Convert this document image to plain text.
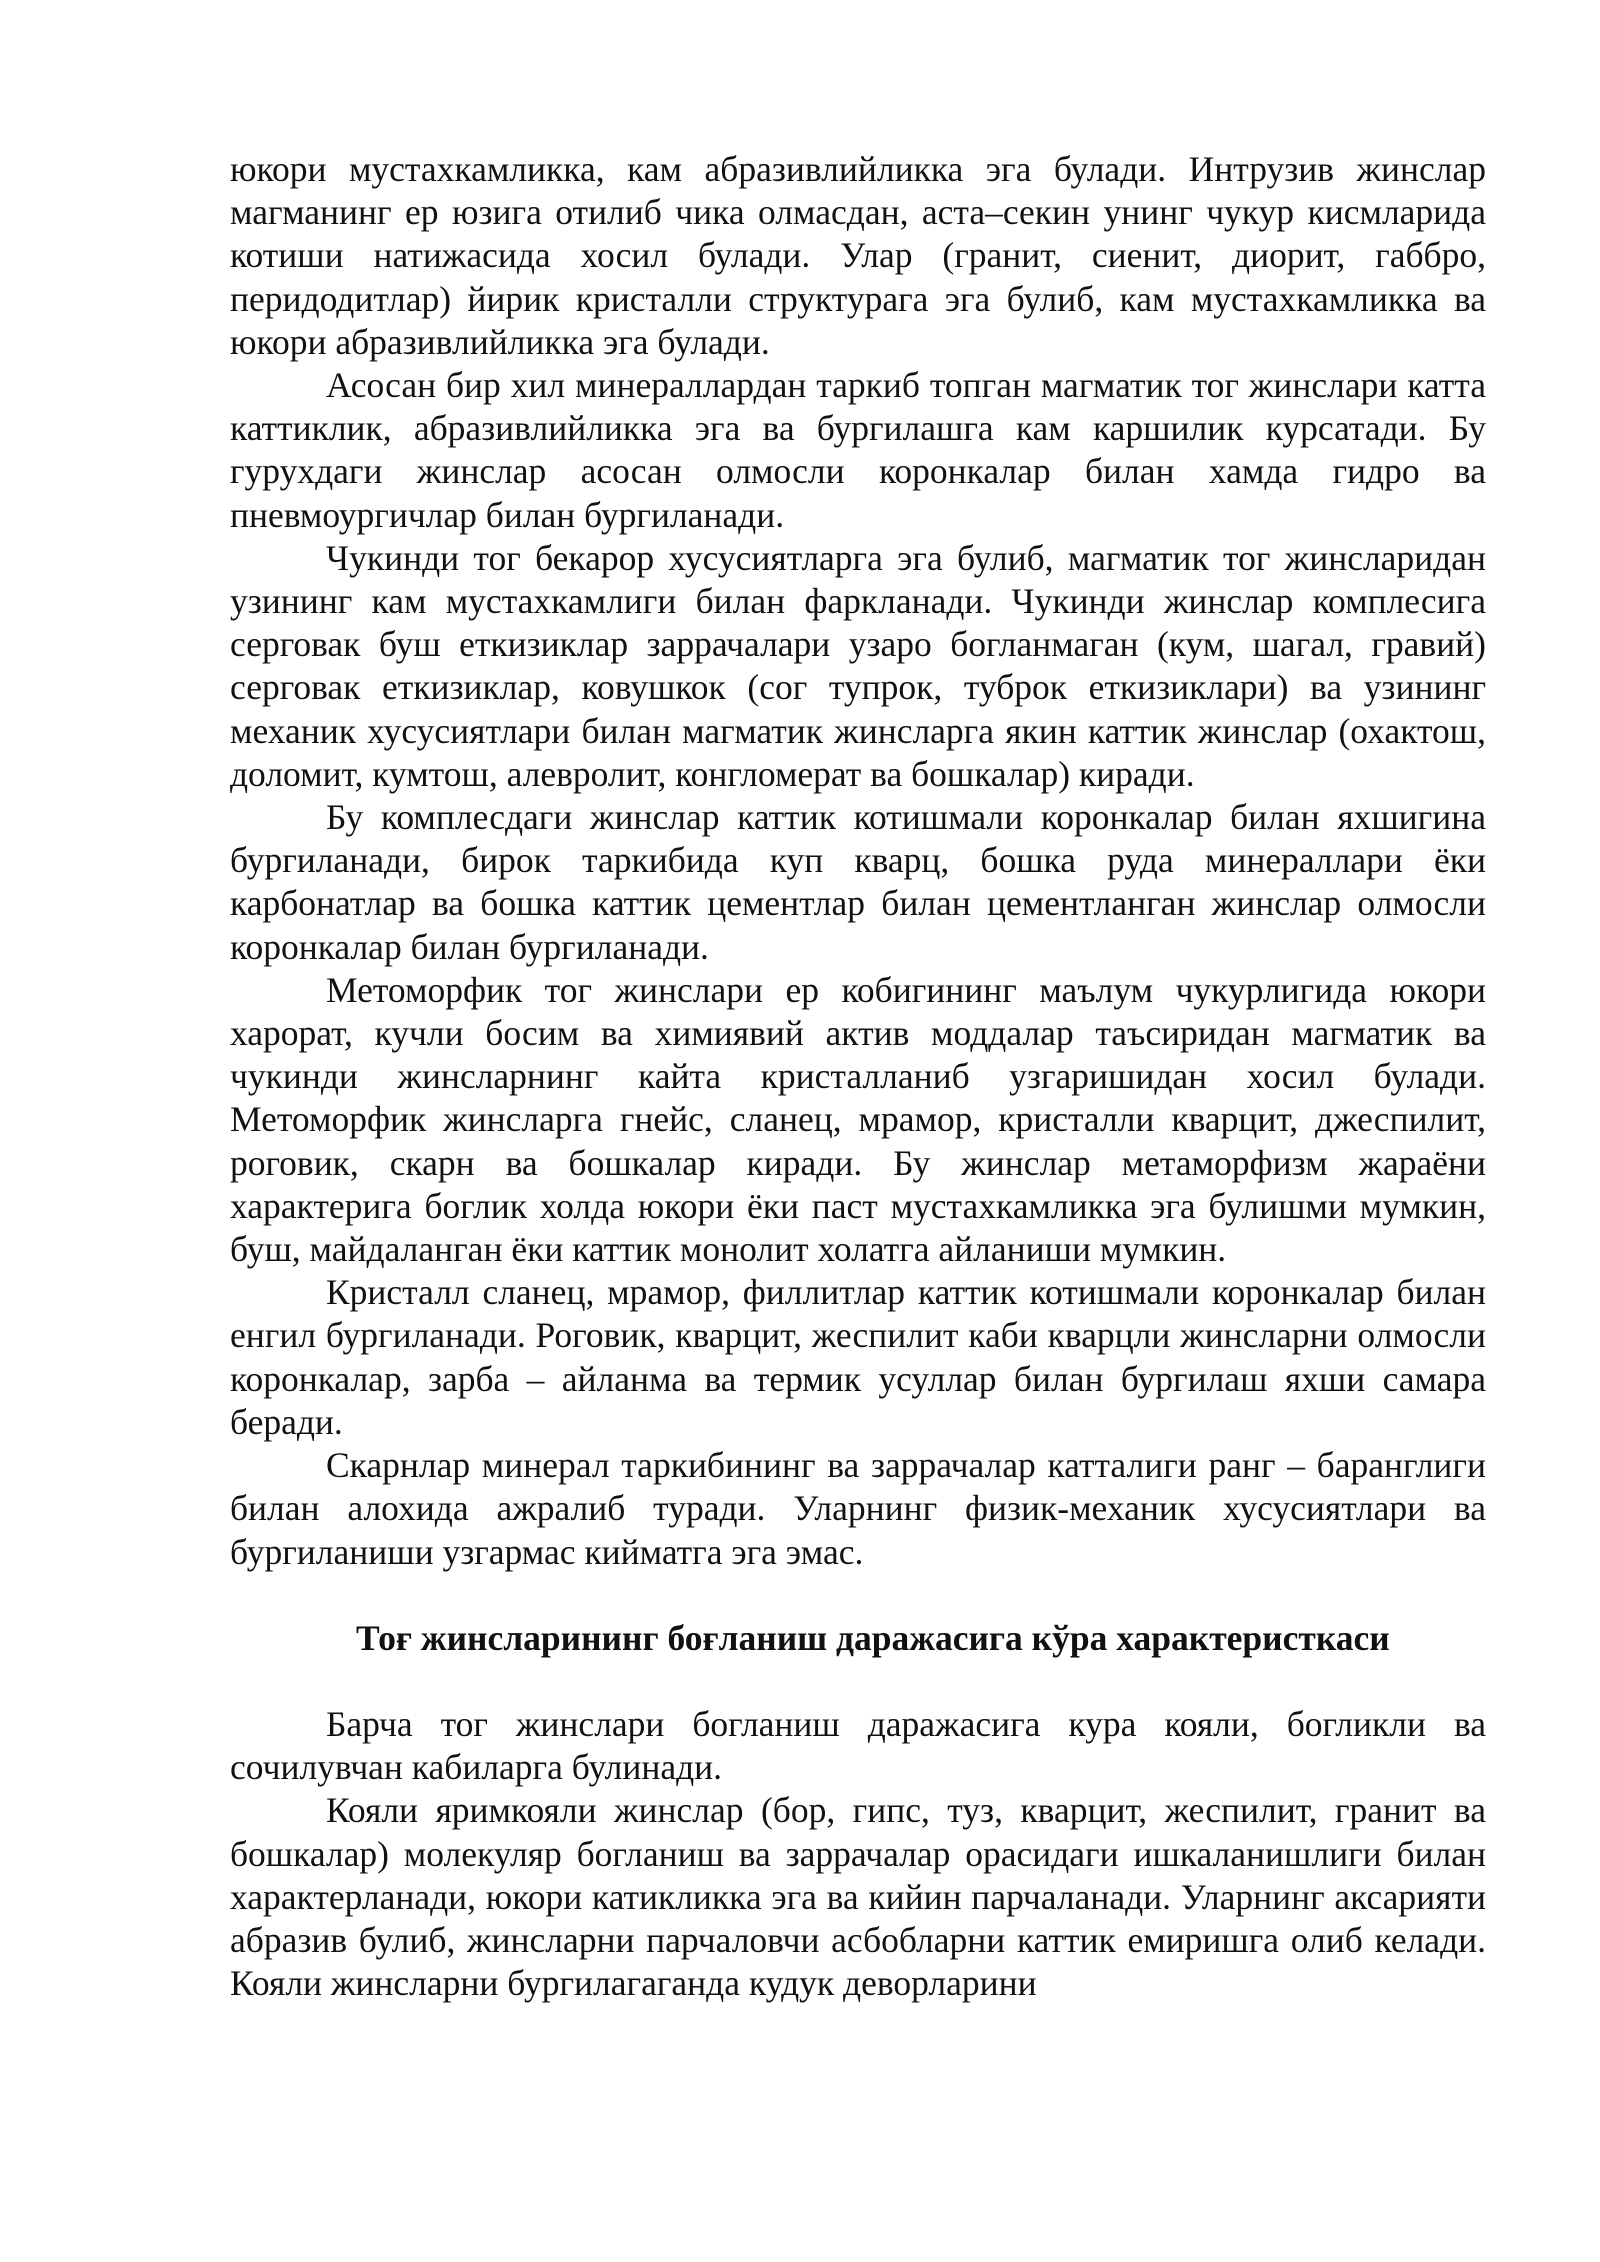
юкори мустахкамликка, кам абразивлийликка эга булади. Интрузив жинслар магманинг ер юзига отилиб чика олмасдан, аста–секин унинг чукур кисмларида котиши натижасида хосил булади. Улар (гранит, сиенит, диорит, габбро, перидодитлар) йирик кристалли структурага эга булиб, кам мустахкамликка ва юкори абразивлийликка эга булади.

Асосан бир хил минераллардан таркиб топган магматик тог жинслари катта каттиклик, абразивлийликка эга ва бургилашга кам каршилик курсатади. Бу гурухдаги жинслар асосан олмосли коронкалар билан хамда гидро ва пневмоургичлар билан бургиланади.

Чукинди тог бекарор хусусиятларга эга булиб, магматик тог жинсларидан узининг кам мустахкамлиги билан фаркланади. Чукинди жинслар комплесига серговак буш еткизиклар заррачалари узаро богланмаган (кум, шагал, гравий) серговак еткизиклар, ковушкок (сог тупрок, туброк еткизиклари) ва узининг механик хусусиятлари билан магматик жинсларга якин каттик жинслар (охактош, доломит, кумтош, алевролит, конгломерат ва бошкалар) киради.

Бу комплесдаги жинслар каттик котишмали коронкалар билан яхшигина бургиланади, бирок таркибида куп кварц, бошка руда минераллари ёки карбонатлар ва бошка каттик цементлар билан цементланган жинслар олмосли коронкалар билан бургиланади.

Метоморфик тог жинслари ер кобигининг маълум чукурлигида юкори харорат, кучли босим ва химиявий актив моддалар таъсиридан магматик ва чукинди жинсларнинг кайта кристалланиб узгаришидан хосил булади. Метоморфик жинсларга гнейс, сланец, мрамор, кристалли кварцит, джеспилит, роговик, скарн ва бошкалар киради. Бу жинслар метаморфизм жараёни характерига боглик холда юкори ёки паст мустахкамликка эга булишми мумкин, буш, майдаланган ёки каттик монолит холатга айланиши мумкин.

Кристалл сланец, мрамор, филлитлар каттик котишмали коронкалар билан енгил бургиланади. Роговик, кварцит, жеспилит каби кварцли жинсларни олмосли коронкалар, зарба – айланма ва термик усуллар билан бургилаш яхши самара беради.

Скарнлар минерал таркибининг ва заррачалар катталиги ранг – баранглиги билан алохида ажралиб туради. Уларнинг физик-механик хусусиятлари ва бургиланиши узгармас кийматга эга эмас.

Тоғ жинсларининг боғланиш даражасига кўра характеристкаси

Барча тог жинслари богланиш даражасига кура кояли, богликли ва сочилувчан кабиларга булинади.

Кояли яримкояли жинслар (бор, гипс, туз, кварцит, жеспилит, гранит ва бошкалар) молекуляр богланиш ва заррачалар орасидаги ишкаланишлиги билан характерланади, юкори катикликка эга ва кийин парчаланади. Уларнинг аксарияти абразив булиб, жинсларни парчаловчи асбобларни каттик емиришга олиб келади. Кояли жинсларни бургилагаганда кудук деворларини
